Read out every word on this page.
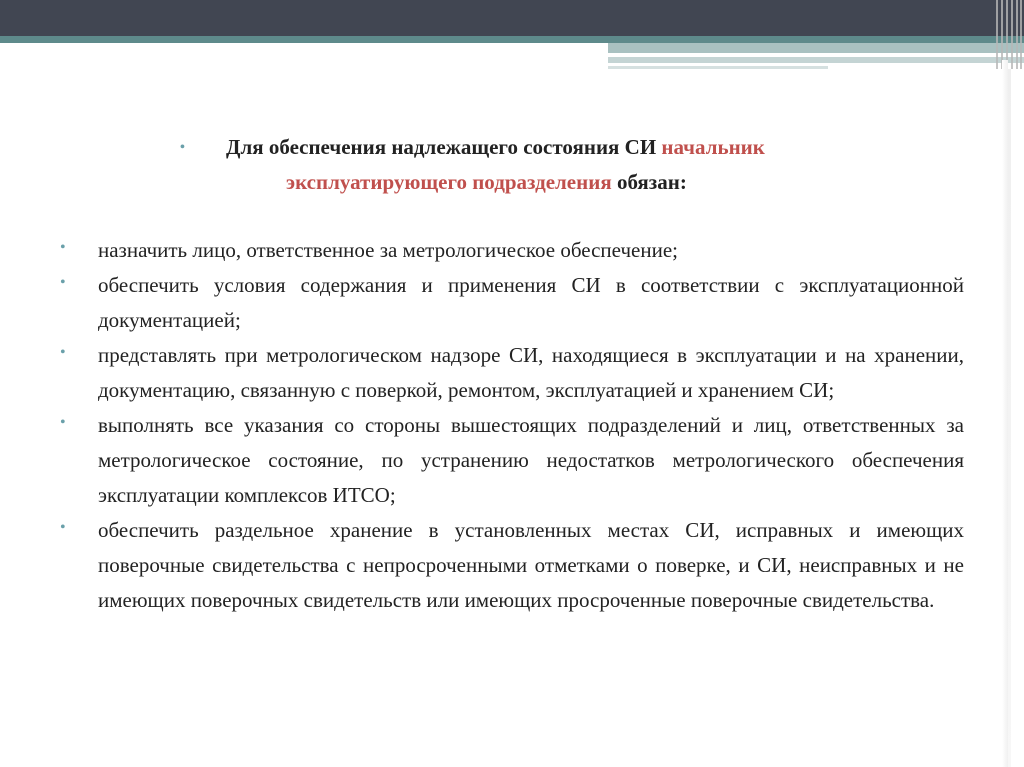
• Для обеспечения надлежащего состояния СИ начальник
эксплуатирующего подразделения обязан:
• назначить лицо, ответственное за метрологическое обеспечение;
• обеспечить условия содержания и применения СИ в соответствии с эксплуатационной документацией;
• представлять при метрологическом надзоре СИ, находящиеся в эксплуатации и на хранении, документацию, связанную с поверкой, ремонтом, эксплуатацией и хранением СИ;
• выполнять все указания со стороны вышестоящих подразделений и лиц, ответственных за метрологическое состояние, по устранению недостатков метрологического обеспечения эксплуатации комплексов ИТСО;
• обеспечить раздельное хранение в установленных местах СИ, исправных и имеющих поверочные свидетельства с непросроченными отметками о поверке, и СИ, неисправных и не имеющих поверочных свидетельств или имеющих просроченные поверочные свидетельства.
